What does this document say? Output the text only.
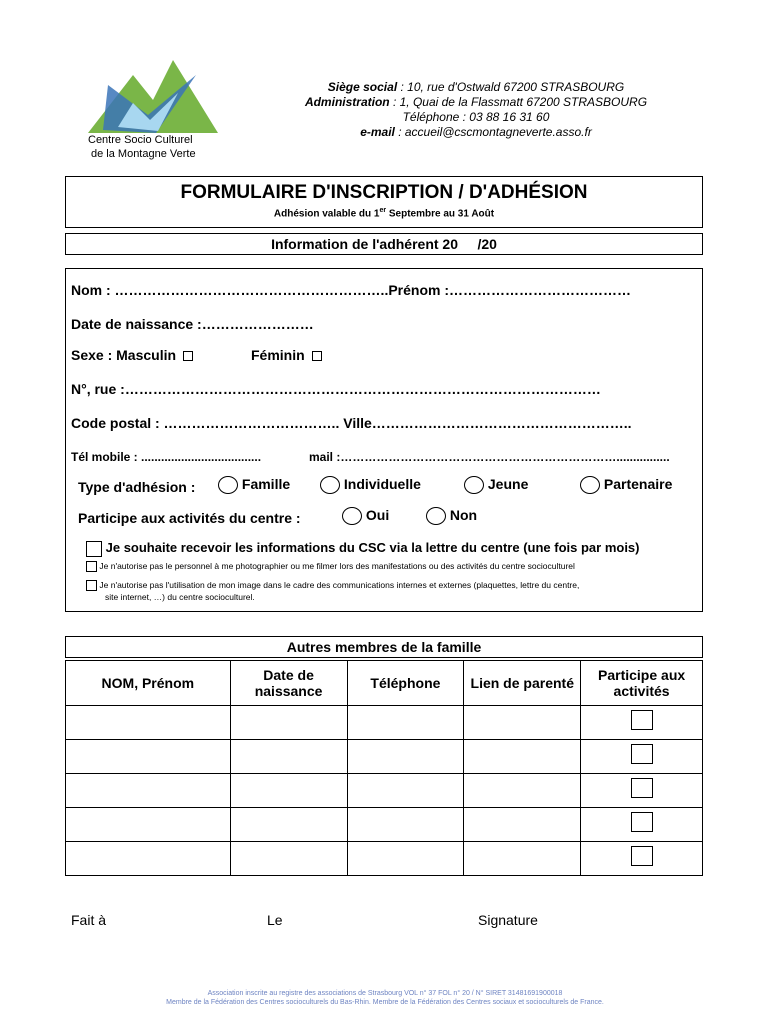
Centre Socio Culturel
de la Montagne Verte
Siège social : 10, rue d'Ostwald 67200 STRASBOURG
Administration : 1, Quai de la Flassmatt 67200 STRASBOURG
Téléphone : 03 88 16 31 60
e-mail : accueil@cscmontagneverte.asso.fr
FORMULAIRE D'INSCRIPTION / D'ADHÉSION
Adhésion valable du 1er Septembre au 31 Août
Information de l'adhérent 20     /20
Nom : …………………………………………………..Prénom :…………………………………
Date de naissance :……………………
Sexe : Masculin	Féminin
N°, rue :…………………………………………………………………………………………
Code postal : ……………………………….. Ville………………………………………………..
Tél mobile : ....................................	mail :……………………………………………………………................
Type d'adhésion :	Famille	Individuelle	Jeune	Partenaire
Participe aux activités du centre :	Oui	Non
Je souhaite recevoir les informations du CSC via la lettre du centre (une fois par mois)
Je n'autorise pas le personnel à me photographier ou me filmer lors des manifestations ou des activités du centre socioculturel
Je n'autorise pas l'utilisation de mon image dans le cadre des communications internes et externes (plaquettes, lettre du centre,
site internet, …) du centre socioculturel.
Autres membres de la famille
NOM, Prénom	Date de naissance	Téléphone	Lien de parenté	Participe aux activités

Fait à	Le	Signature
Association inscrite au registre des associations de Strasbourg VOL n° 37 FOL n° 20 / N° SIRET 31481691900018
Membre de la Fédération des Centres socioculturels du Bas-Rhin. Membre de la Fédération des Centres sociaux et socioculturels de France.
